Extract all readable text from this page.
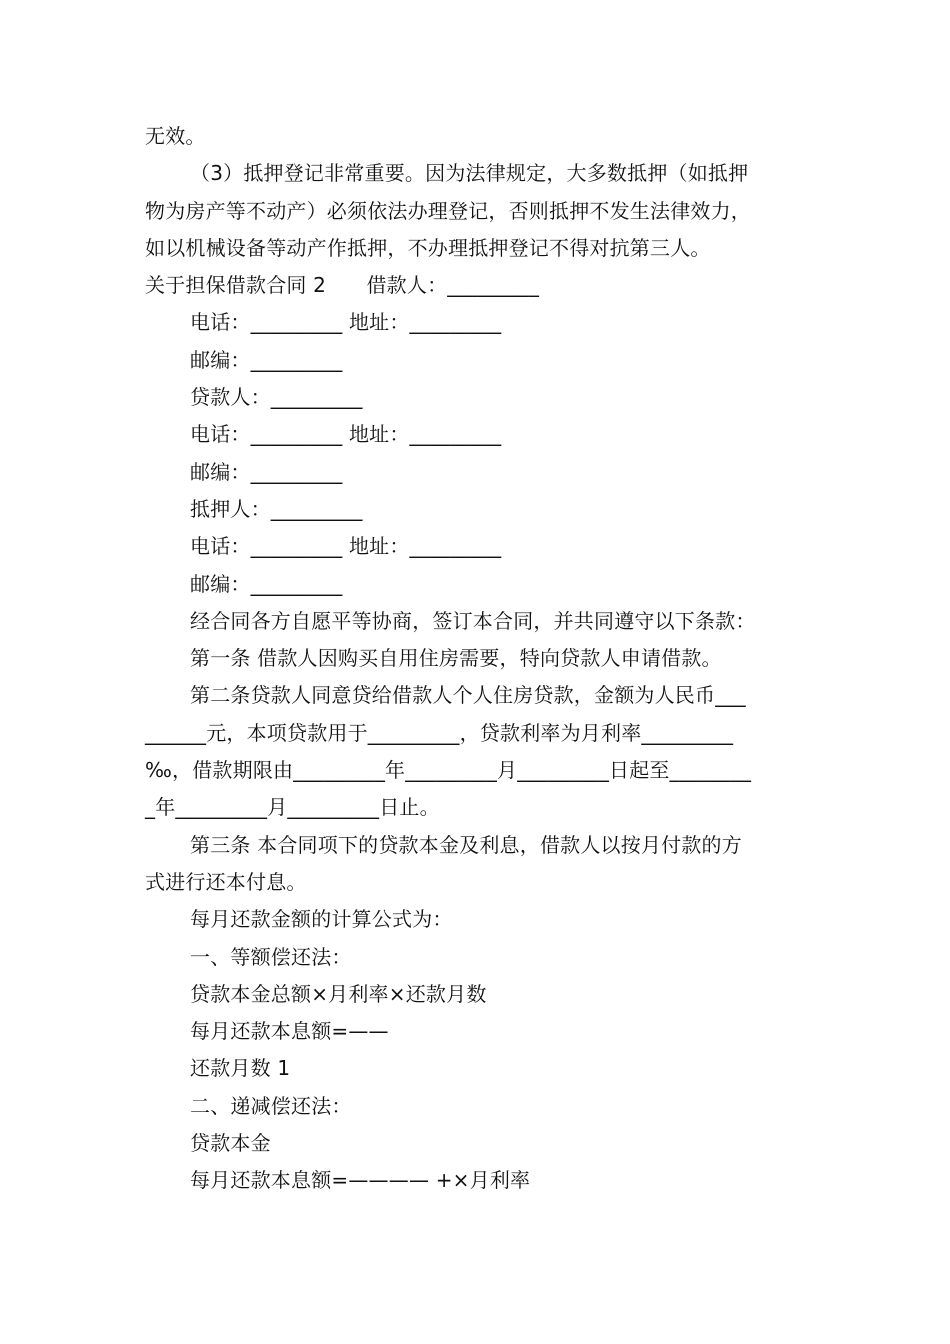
无效。
（3）抵押登记非常重要。因为法律规定，大多数抵押（如抵押
物为房产等不动产）必须依法办理登记，否则抵押不发生法律效力，
如以机械设备等动产作抵押，不办理抵押登记不得对抗第三人。
关于担保借款合同 2　　借款人：_________
电话：_________ 地址：_________
邮编：_________
贷款人：_________
电话：_________ 地址：_________
邮编：_________
抵押人：_________
电话：_________ 地址：_________
邮编：_________
经合同各方自愿平等协商，签订本合同，并共同遵守以下条款：
第一条 借款人因购买自用住房需要，特向贷款人申请借款。
第二条贷款人同意贷给借款人个人住房贷款，金额为人民币___
______元，本项贷款用于_________，贷款利率为月利率_________
‰，借款期限由_________年_________月_________日起至________
_年_________月_________日止。
第三条 本合同项下的贷款本金及利息，借款人以按月付款的方
式进行还本付息。
每月还款金额的计算公式为：
一、等额偿还法：
贷款本金总额×月利率×还款月数
每月还款本息额=——
还款月数 1
二、递减偿还法：
贷款本金
每月还款本息额=———— +×月利率
